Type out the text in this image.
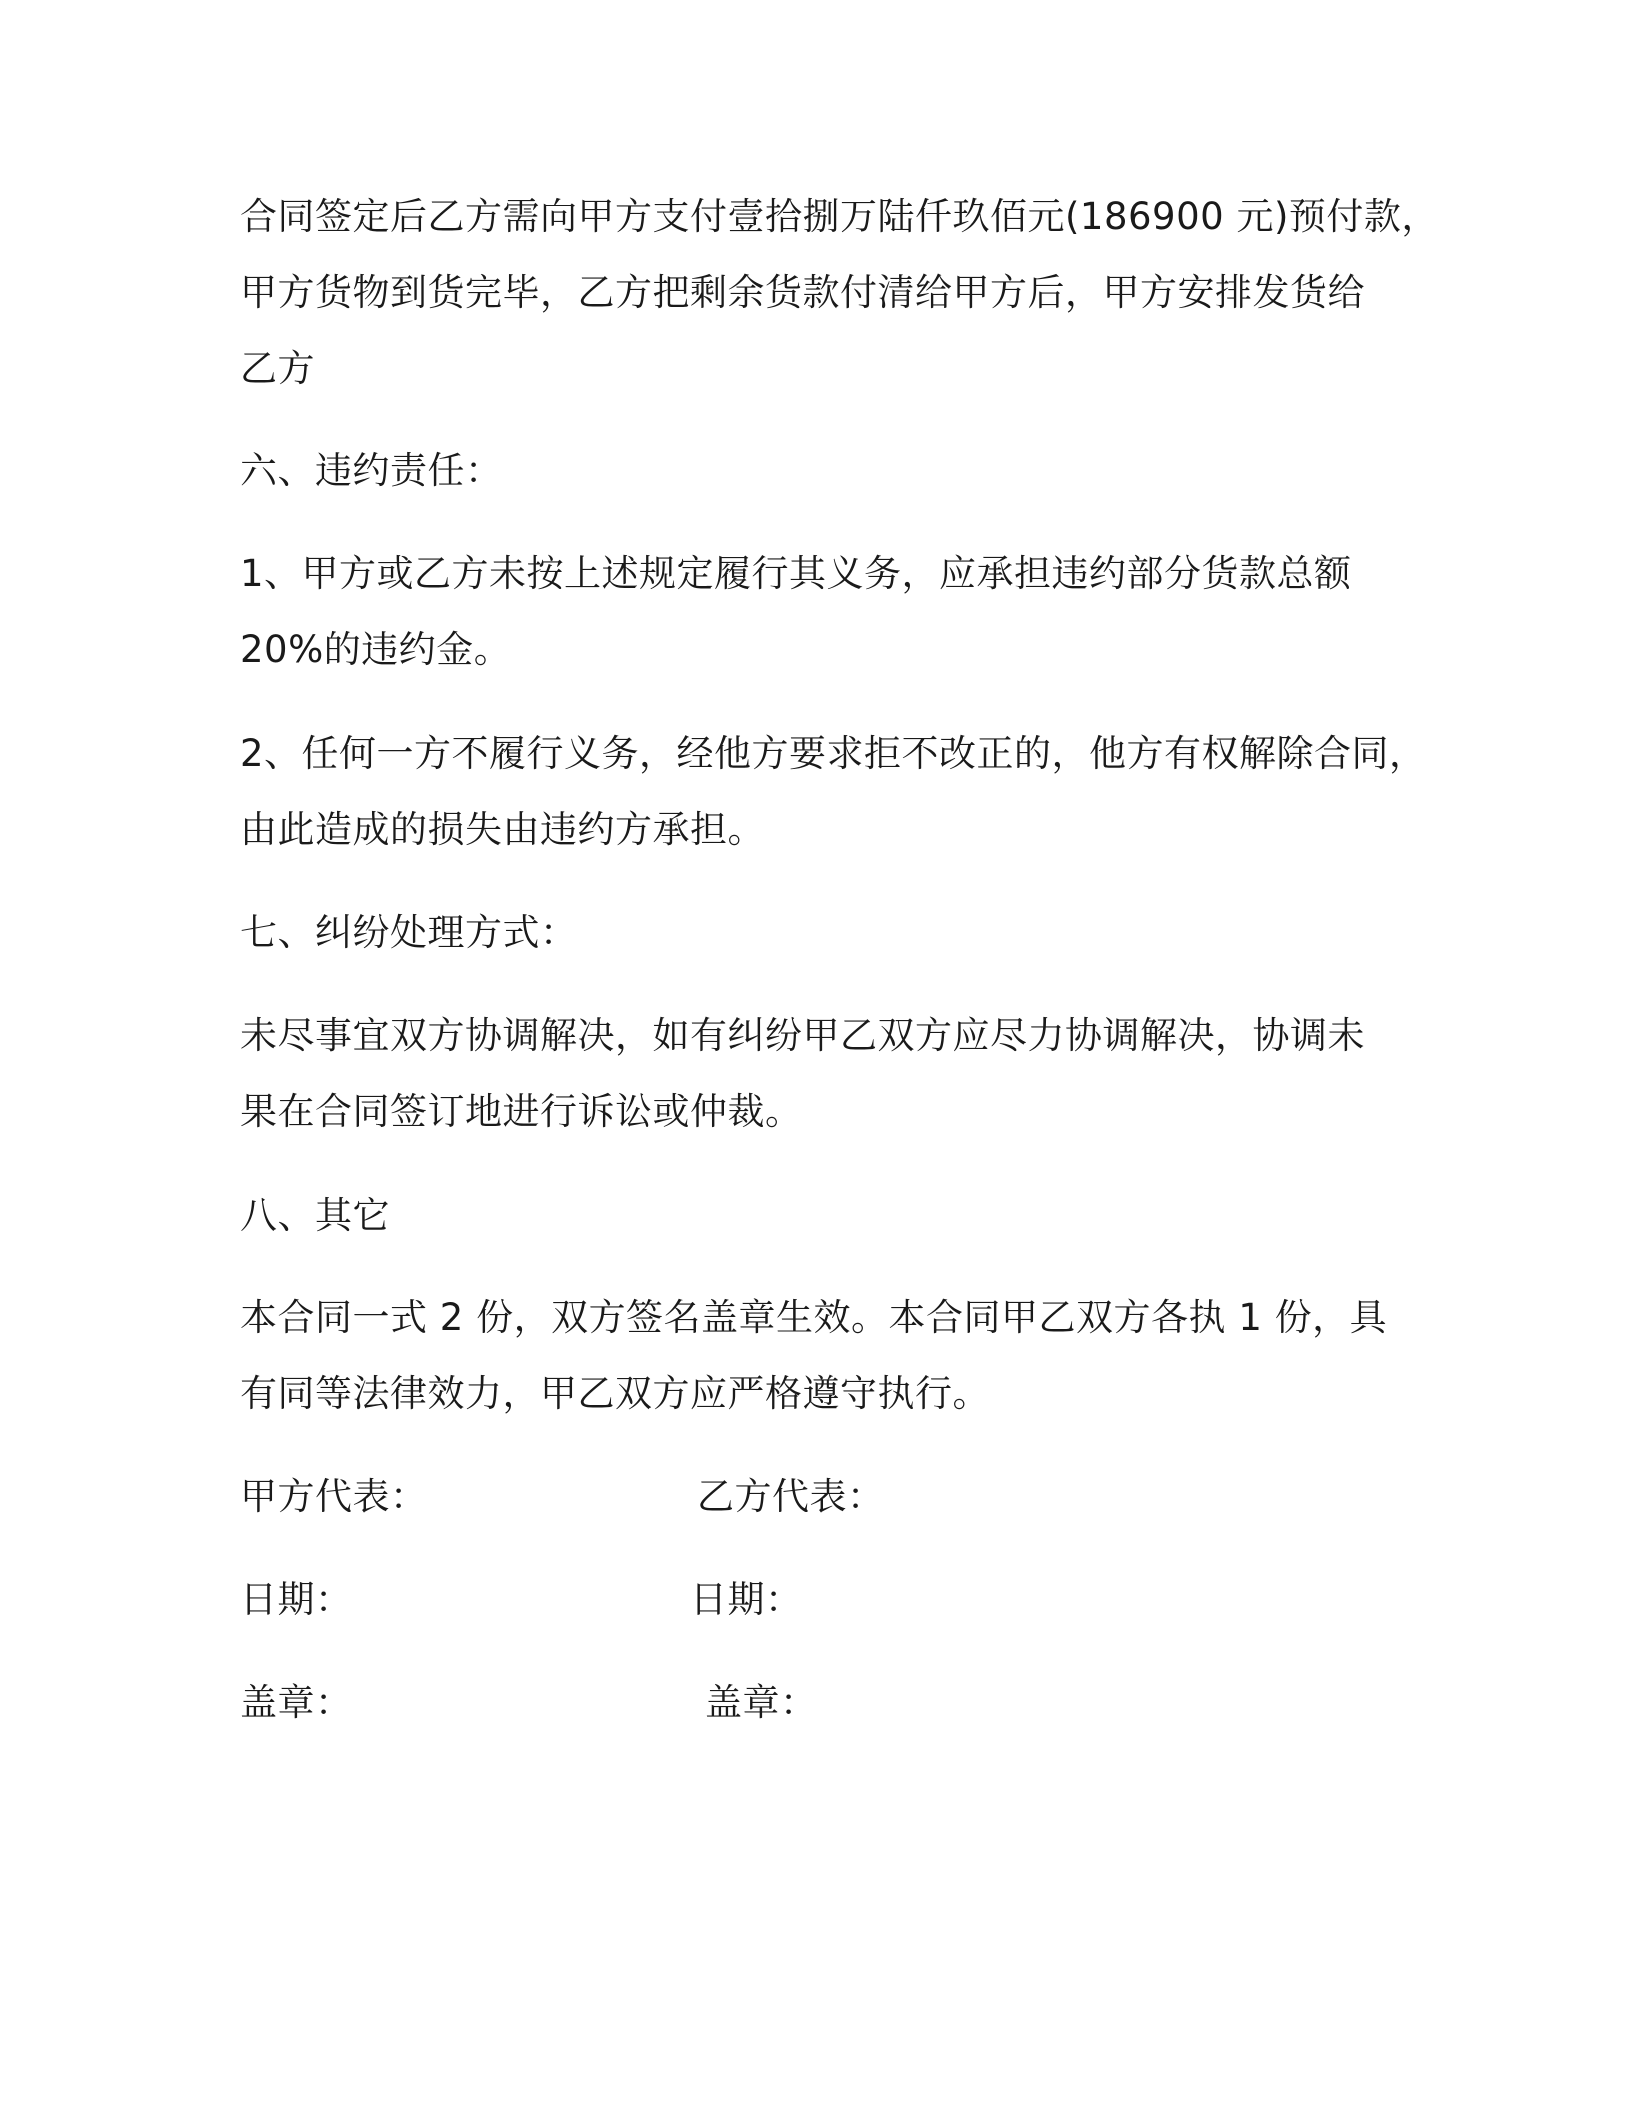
合同签定后乙方需向甲方支付壹拾捌万陆仟玖佰元(186900 元)预付款，
甲方货物到货完毕，乙方把剩余货款付清给甲方后，甲方安排发货给
乙方
六、违约责任：
1、甲方或乙方未按上述规定履行其义务，应承担违约部分货款总额
20%的违约金。
2、任何一方不履行义务，经他方要求拒不改正的，他方有权解除合同，
由此造成的损失由违约方承担。
七、纠纷处理方式：
未尽事宜双方协调解决，如有纠纷甲乙双方应尽力协调解决，协调未
果在合同签订地进行诉讼或仲裁。
八、其它
本合同一式 2 份，双方签名盖章生效。本合同甲乙双方各执 1 份，具
有同等法律效力，甲乙双方应严格遵守执行。
甲方代表：	乙方代表：
日期：	日期：
盖章：	盖章：
